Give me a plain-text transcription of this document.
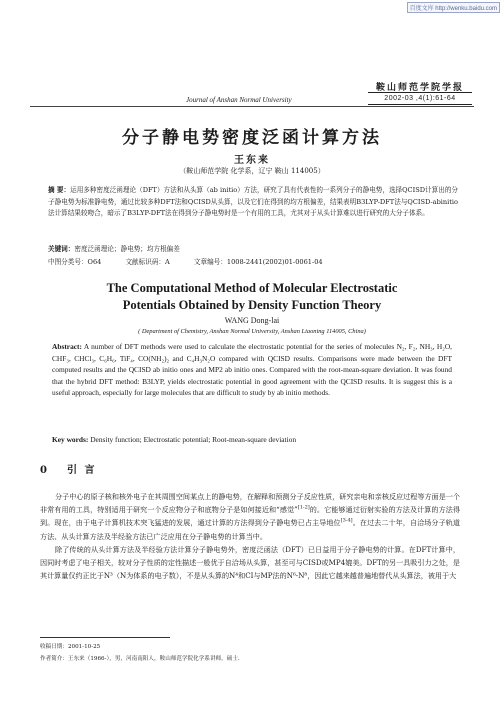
百度文库 http://wenku.baidu.com
鞍山师范学院学报
2002-03 ,4(1):61-64
Journal of Anshan Normal University
分子静电势密度泛函计算方法
王东来
（鞍山师范学院 化学系，辽宁 鞍山 114005）
摘 要：运用多种密度泛函理论（DFT）方法和从头算（ab initio）方法，研究了具有代表性的一系列分子的静电势，选择QCISD计算出的分子静电势为标准静电势，通过比较多种DFT法和QCISD从头算，以及它们在得到的均方根偏差，结果表明B3LYP-DFT法与QCISD-abinitio法计算结果较吻合，暗示了B3LYP-DFT法在得到分子静电势时是一个有用的工具，尤其对于从头计算难以进行研究的大分子体系。
关键词：密度泛函理论；静电势；均方根偏差
中图分类号：O64	文献标识码：A	文章编号：1008-2441(2002)01-0061-04
The Computational Method of Molecular Electrostatic
Potentials Obtained by Density Function Theory
WANG Dong-lai
( Department of Chemistry, Anshan Normal University, Anshan Liaoning 114005, China)
Abstract: A number of DFT methods were used to calculate the electrostatic potential for the series of molecules N₂, F₂, NH₃, H₂O, CHF₃, CHCl₃, C₆H₆, TiF₄, CO(NH₂)₂ and C₄H₃N₂O compared with QCISD results. Comparisons were made between the DFT computed results and the QCISD ab initio ones and MP2 ab initio ones. Compared with the root-mean-square deviation. It was found that the hybrid DFT method: B3LYP, yields electrostatic potential in good agreement with the QCISD results. It is suggest this is a useful approach, especially for large molecules that are difficult to study by ab initio methods.
Key words: Density function; Electrostatic potential; Root-mean-square deviation
0 引 言

分子中心的原子核和核外电子在其周围空间某点上的静电势，在解释和预测分子反应性质，研究亲电和亲核反应过程等方面是一个非常有用的工具，特别适用于研究一个反应物分子和底物分子是如何接近和“感觉”[1-2]的。它能够通过衍射实验的方法及计算的方法得到。现在，由于电子计算机技术突飞猛进的发展，通过计算的方法得到分子静电势已占主导地位[3-4]。在过去二十年，自洽场分子轨道方法、从头计算方法及半经验方法已广泛应用在分子静电势的计算当中。

除了传统的从头计算方法及半经验方法计算分子静电势外，密度泛函法（DFT）已日益用于分子静电势的计算。在DFT计算中，因同时考虑了电子相关，较对分子性质的定性描述一般优于自洽场从头算，甚至可与CISD或MP4媲美。DFT的另一具吸引力之处，是其计算量仅约正比于N³（N为体系的电子数），不是从头算的N⁴和CI与MP法的N⁶-N⁸，因此它越来越普遍地替代从头算法，被用于大

收稿日期：2001-10-25
作者简介：王东来（1966-），男，河南南阳人，鞍山师范学院化学系讲师，硕士.
